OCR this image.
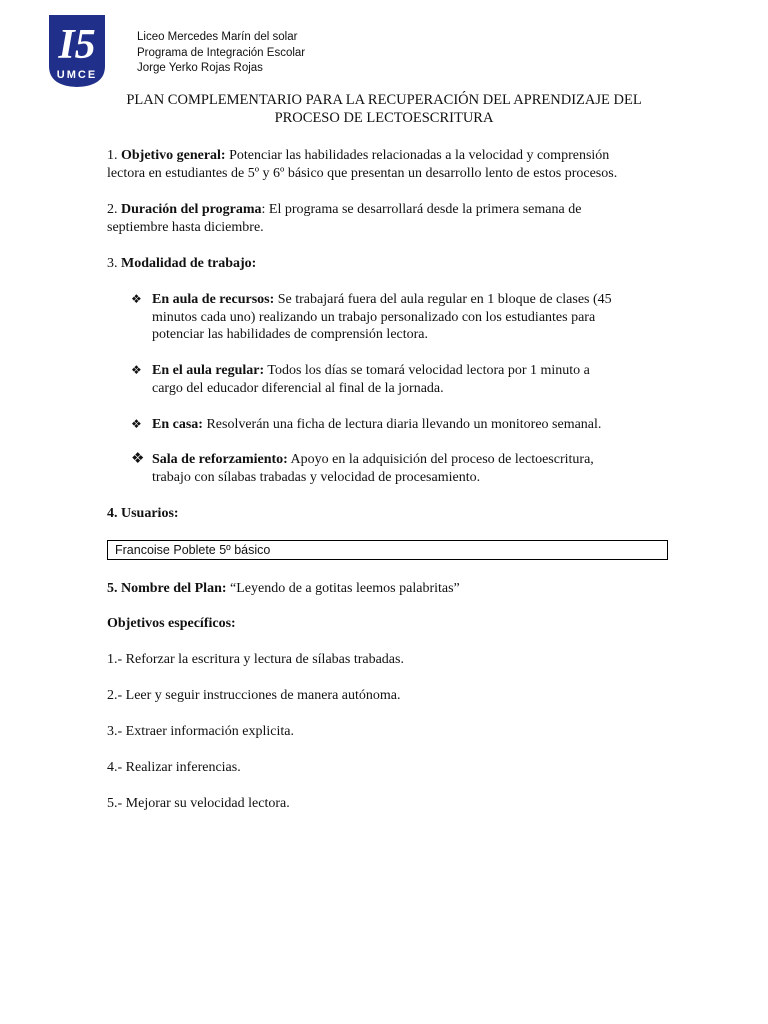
I5
UMCE
Liceo Mercedes Marín del solar
Programa de Integración Escolar
Jorge Yerko Rojas Rojas
PLAN COMPLEMENTARIO PARA LA RECUPERACIÓN DEL APRENDIZAJE DEL
PROCESO DE LECTOESCRITURA
1. Objetivo general: Potenciar las habilidades relacionadas a la velocidad y comprensión
lectora en estudiantes de 5º y 6º básico que presentan un desarrollo lento de estos procesos.
2. Duración del programa: El programa se desarrollará desde la primera semana de
septiembre hasta diciembre.
3. Modalidad de trabajo:
❖ En aula de recursos: Se trabajará fuera del aula regular en 1 bloque de clases (45
minutos cada uno) realizando un trabajo personalizado con los estudiantes para
potenciar las habilidades de comprensión lectora.
❖ En el aula regular: Todos los días se tomará velocidad lectora por 1 minuto a
cargo del educador diferencial al final de la jornada.
❖ En casa: Resolverán una ficha de lectura diaria llevando un monitoreo semanal.
❖ Sala de reforzamiento: Apoyo en la adquisición del proceso de lectoescritura,
trabajo con sílabas trabadas y velocidad de procesamiento.
4. Usuarios:
Francoise Poblete 5º básico
5. Nombre del Plan: “Leyendo de a gotitas leemos palabritas”
Objetivos específicos:
1.- Reforzar la escritura y lectura de sílabas trabadas.
2.- Leer y seguir instrucciones de manera autónoma.
3.- Extraer información explicita.
4.- Realizar inferencias.
5.- Mejorar su velocidad lectora.
